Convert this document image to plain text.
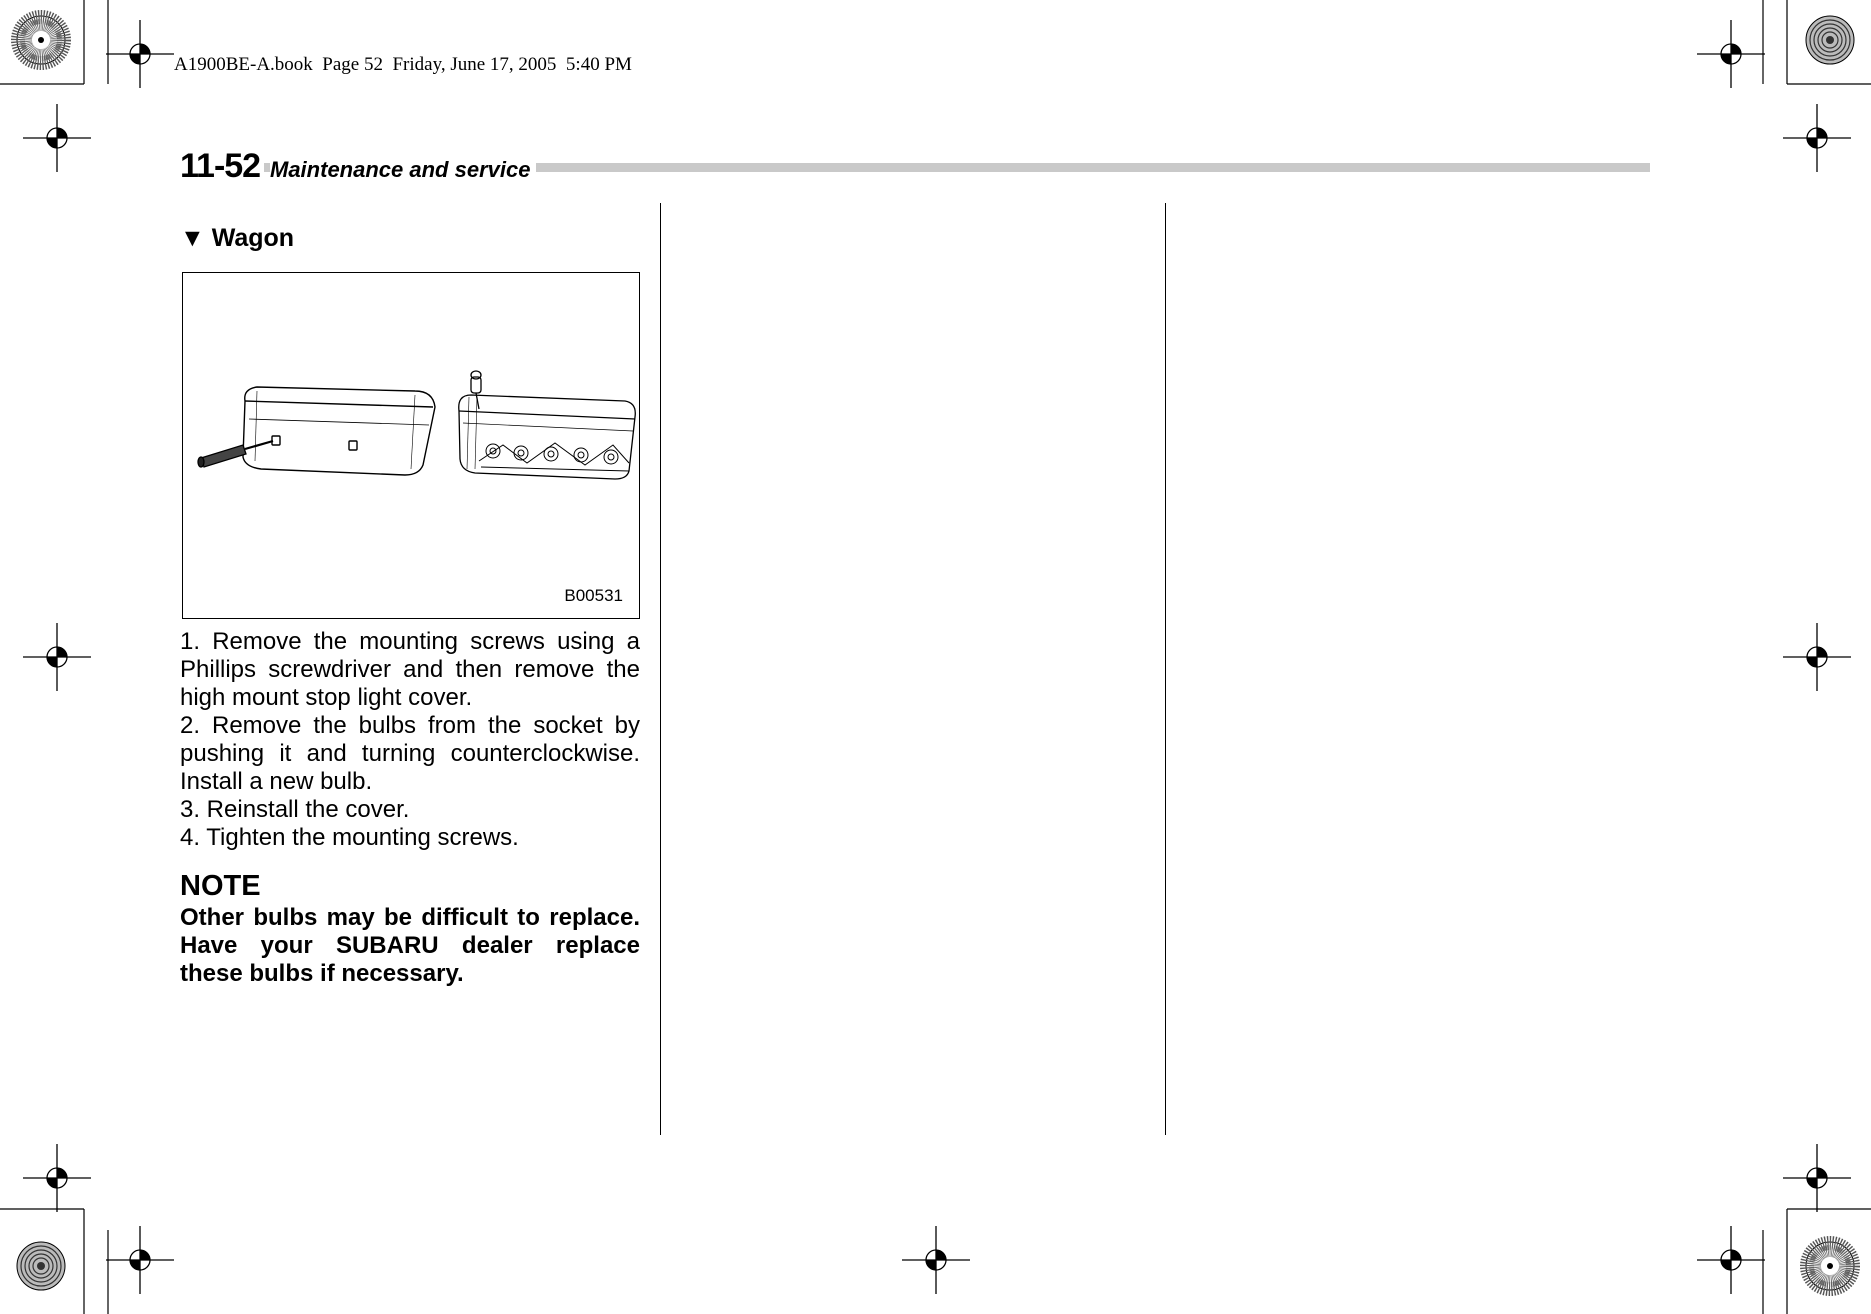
A1900BE-A.book  Page 52  Friday, June 17, 2005  5:40 PM
11-52 Maintenance and service
▼ Wagon
B00531

1. Remove the mounting screws using a Phillips screwdriver and then remove the high mount stop light cover.

2. Remove the bulbs from the socket by pushing it and turning counterclockwise. Install a new bulb.

3. Reinstall the cover.

4. Tighten the mounting screws.

NOTE
Other bulbs may be difficult to replace. Have your SUBARU dealer replace these bulbs if necessary.
